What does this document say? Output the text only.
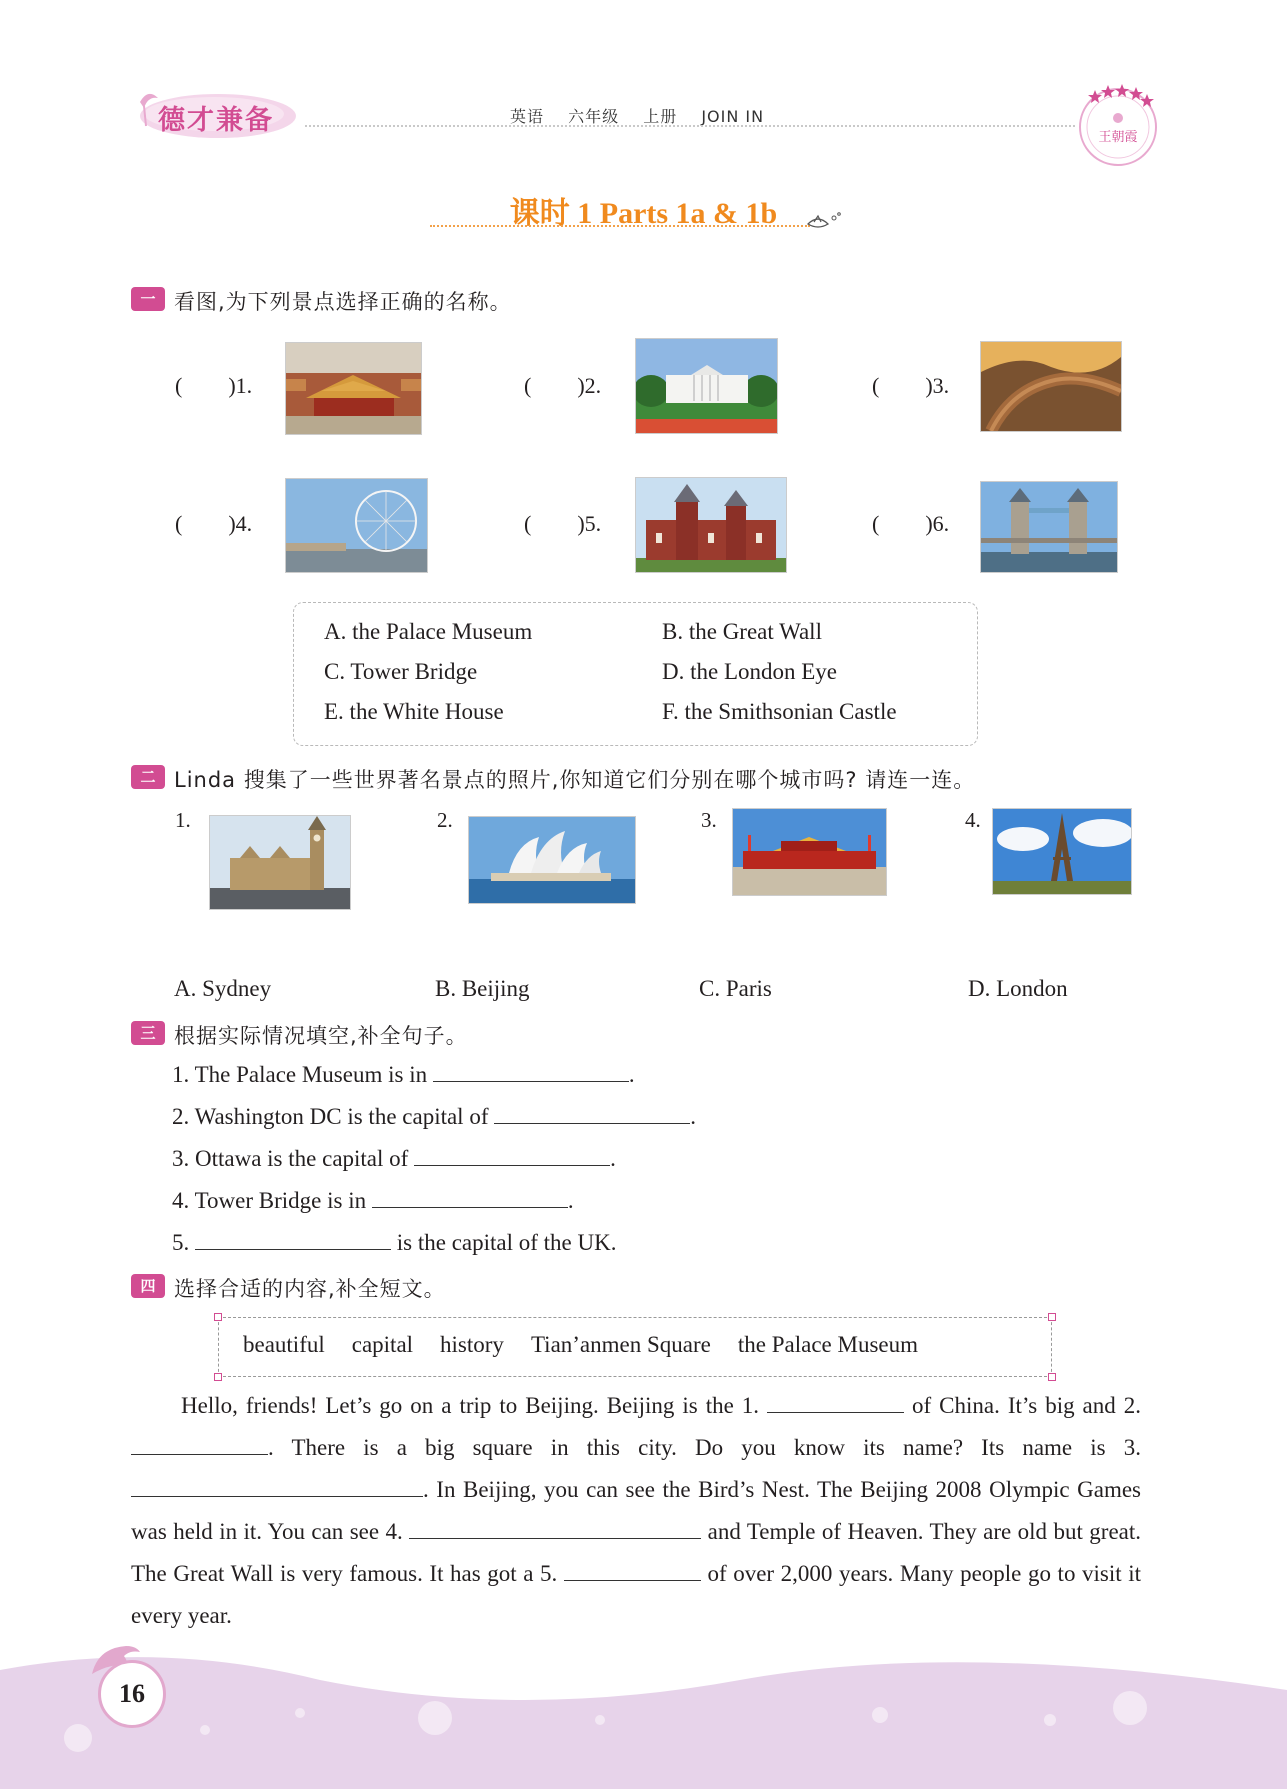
德才兼备	英语 六年级 上册 JOIN IN
王朝霞
课时 1 Parts 1a & 1b
一 看图,为下列景点选择正确的名称。
( )1.	( )2.	( )3.
( )4.	( )5.	( )6.
A. the Palace Museum	B. the Great Wall
C. Tower Bridge	D. the London Eye
E. the White House	F. the Smithsonian Castle
二 Linda 搜集了一些世界著名景点的照片,你知道它们分别在哪个城市吗? 请连一连。
1.	2.	3.	4.
A. Sydney	B. Beijing	C. Paris	D. London
三 根据实际情况填空,补全句子。
1. The Palace Museum is in	.
2. Washington DC is the capital of	.
3. Ottawa is the capital of	.
4. Tower Bridge is in	.
5.	is the capital of the UK.
四 选择合适的内容,补全短文。
beautiful capital history Tian’anmen Square the Palace Museum
Hello, friends! Let’s go on a trip to Beijing. Beijing is the 1.	of China. It’s big and 2. . There is a big square in this city. Do you know its name? Its name is 3. . In Beijing, you can see the Bird’s Nest. The Beijing 2008 Olympic Games was held in it. You can see 4.	and Temple of Heaven. They are old but great. The Great Wall is very famous. It has got a 5.	of over 2,000 years. Many people go to visit it every year.
16
